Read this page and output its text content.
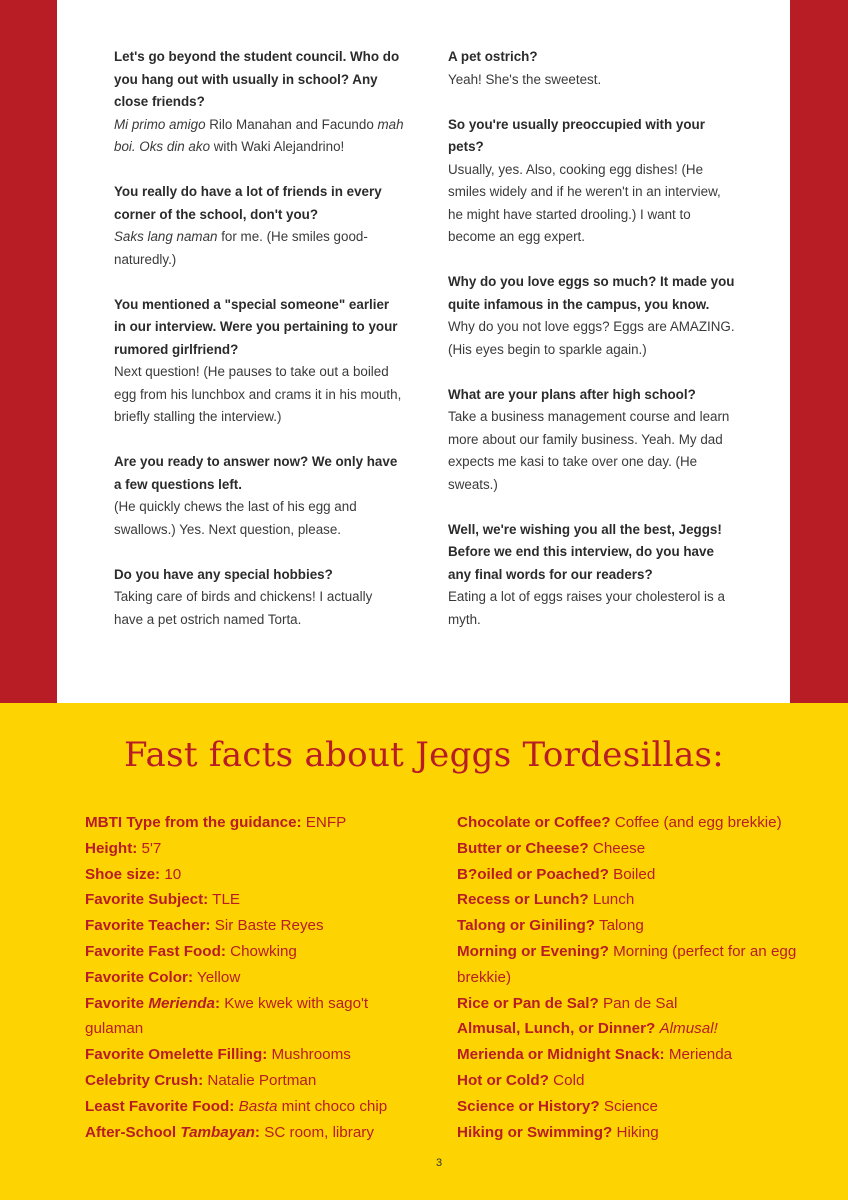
Let's go beyond the student council. Who do you hang out with usually in school? Any close friends?
Mi primo amigo Rilo Manahan and Facundo mah boi. Oks din ako with Waki Alejandrino!
You really do have a lot of friends in every corner of the school, don't you?
Saks lang naman for me. (He smiles good-naturedly.)
You mentioned a "special someone" earlier in our interview. Were you pertaining to your rumored girlfriend?
Next question! (He pauses to take out a boiled egg from his lunchbox and crams it in his mouth, briefly stalling the interview.)
Are you ready to answer now? We only have a few questions left.
(He quickly chews the last of his egg and swallows.) Yes. Next question, please.
Do you have any special hobbies?
Taking care of birds and chickens! I actually have a pet ostrich named Torta.
A pet ostrich?
Yeah! She's the sweetest.
So you're usually preoccupied with your pets?
Usually, yes. Also, cooking egg dishes! (He smiles widely and if he weren't in an interview, he might have started drooling.) I want to become an egg expert.
Why do you love eggs so much? It made you quite infamous in the campus, you know.
Why do you not love eggs? Eggs are AMAZING. (His eyes begin to sparkle again.)
What are your plans after high school?
Take a business management course and learn more about our family business. Yeah. My dad expects me kasi to take over one day. (He sweats.)
Well, we're wishing you all the best, Jeggs! Before we end this interview, do you have any final words for our readers?
Eating a lot of eggs raises your cholesterol is a myth.
Fast facts about Jeggs Tordesillas:
MBTI Type from the guidance: ENFP
Height: 5'7
Shoe size: 10
Favorite Subject: TLE
Favorite Teacher: Sir Baste Reyes
Favorite Fast Food: Chowking
Favorite Color: Yellow
Favorite Merienda: Kwe kwek with sago't gulaman
Favorite Omelette Filling: Mushrooms
Celebrity Crush: Natalie Portman
Least Favorite Food: Basta mint choco chip
After-School Tambayan: SC room, library
Chocolate or Coffee? Coffee (and egg brekkie)
Butter or Cheese? Cheese
B?oiled or Poached? Boiled
Recess or Lunch? Lunch
Talong or Giniling? Talong
Morning or Evening? Morning (perfect for an egg brekkie)
Rice or Pan de Sal? Pan de Sal
Almusal, Lunch, or Dinner? Almusal!
Merienda or Midnight Snack: Merienda
Hot or Cold? Cold
Science or History? Science
Hiking or Swimming? Hiking
3
